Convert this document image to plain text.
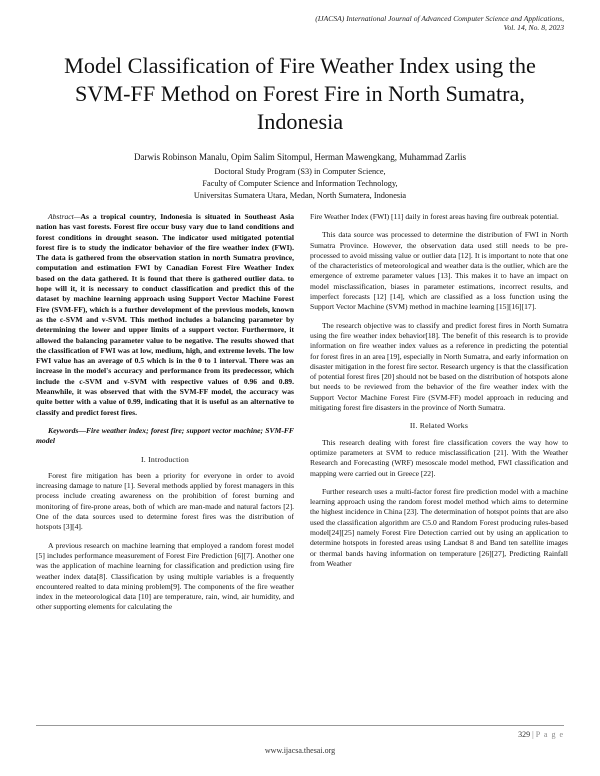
(IJACSA) International Journal of Advanced Computer Science and Applications,
Vol. 14, No. 8, 2023
Model Classification of Fire Weather Index using the SVM-FF Method on Forest Fire in North Sumatra, Indonesia
Darwis Robinson Manalu, Opim Salim Sitompul, Herman Mawengkang, Muhammad Zarlis
Doctoral Study Program (S3) in Computer Science,
Faculty of Computer Science and Information Technology,
Universitas Sumatera Utara, Medan, North Sumatera, Indonesia

Abstract—As a tropical country, Indonesia is situated in Southeast Asia nation has vast forests. Forest fire occur busy vary due to land conditions and forest conditions in drought season. The indicator used mitigated potential forest fire is to study the indicator behavior of the fire weather index (FWI). The data is gathered from the observation station in north Sumatra province, computation and estimation FWI by Canadian Forest Fire Weather Index based on the data gathered. It is found that there is gathered outlier data. to hope will it, it is necessary to conduct classification and predict this of the dataset by machine learning approach using Support Vector Machine Forest Fire (SVM-FF), which is a further development of the previous models, known as the c-SVM and v-SVM. This method includes a balancing parameter by determining the lower and upper limits of a support vector. Furthermore, it allowed the balancing parameter value to be negative. The results showed that the classification of FWI was at low, medium, high, and extreme levels. The low FWI value has an average of 0.5 which is in the 0 to 1 interval. There was an increase in the model's accuracy and performance from its predecessor, which include the c-SVM and v-SVM with respective values of 0.96 and 0.89. Meanwhile, it was observed that with the SVM-FF model, the accuracy was quite better with a value of 0.99, indicating that it is useful as an alternative to classify and predict forest fires.

Keywords—Fire weather index; forest fire; support vector machine; SVM-FF model

I. Introduction

Forest fire mitigation has been a priority for everyone in order to avoid increasing damage to nature [1]. Several methods applied by forest managers in this process include creating awareness on the prohibition of forest burning and monitoring of fire-prone areas, both of which are man-made and natural factors [2]. One of the data sources used to determine forest fires was the distribution of hotspots [3][4].

A previous research on machine learning that employed a random forest model [5] includes performance measurement of Forest Fire Prediction [6][7]. Another one was the application of machine learning for classification and prediction using fire weather index data[8]. Classification by using multiple variables is a frequently encountered realted to data mining problem[9]. The components of the fire weather index in the meteorological data [10] are temperature, rain, wind, air humidity, and other supporting elements for calculating the

Fire Weather Index (FWI) [11] daily in forest areas having fire outbreak potential.

This data source was processed to determine the distribution of FWI in North Sumatra Province. However, the observation data used still needs to be pre-processed to avoid missing value or outlier data [12]. It is important to note that one of the characteristics of meteorological and weather data is the outlier, which are the emergence of extreme parameter values [13]. This makes it to have an impact on model misclassification, biases in parameter estimations, incorrect results, and imperfect forecasts [12] [14], which are classified as a loss function using the Support Vector Machine (SVM) method in machine learning [15][16][17].

The research objective was to classify and predict forest fires in North Sumatra using the fire weather index behavior[18]. The benefit of this research is to provide information on fire weather index values as a reference in predicting the potential for forest fires in an area [19], especially in North Sumatra, and early information on disaster mitigation in the forest fire sector. Research urgency is that the classification of potential forest fires [20] should not be based on the distribution of hotspots alone but needs to be reviewed from the behavior of the fire weather index with the Support Vector Machine Forest Fire (SVM-FF) model approach in reducing and mitigating forest fire disasters in the province of North Sumatra.

II. Related Works

This research dealing with forest fire classification covers the way how to optimize parameters at SVM to reduce misclassification [21]. With the Weather Research and Forecasting (WRF) mesoscale model method, FWI classification and mapping were carried out in Greece [22].

Further research uses a multi-factor forest fire prediction model with a machine learning approach using the random forest model method which aims to determine the highest incidence in China [23]. The determination of hotspot points that are also used the classification algorithm are C5.0 and Random Forest producing rules-based model[24][25] namely Forest Fire Detection carried out by using an application to determine hotspots in forested areas using Landsat 8 and Band ten satellite images or thermal bands having information on temperature [26][27], Predicting Rainfall from Weather

329 | P a g e
www.ijacsa.thesai.org
